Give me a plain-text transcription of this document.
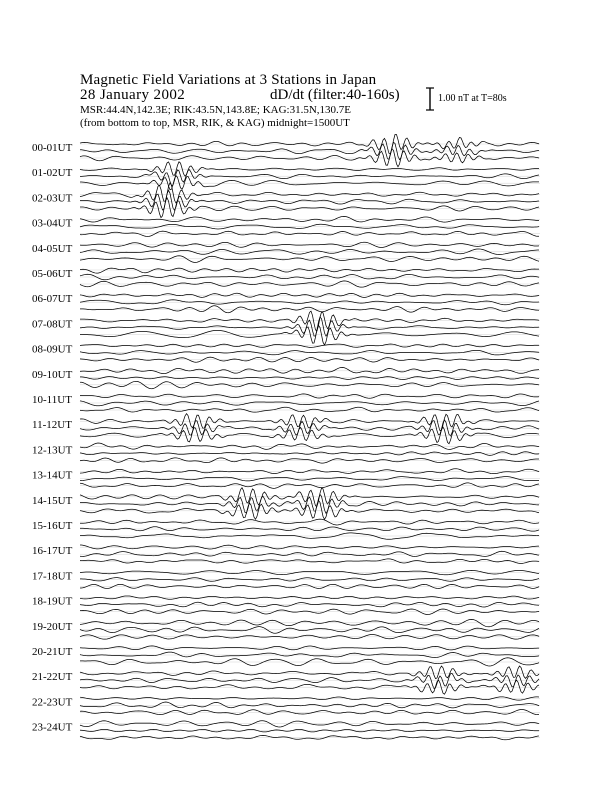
Magnetic Field Variations at 3 Stations in Japan
28 January 2002	dD/dt (filter:40-160s)
MSR:44.4N,142.3E; RIK:43.5N,143.8E; KAG:31.5N,130.7E
(from bottom to top, MSR, RIK, & KAG) midnight=1500UT
1.00 nT at T=80s
00-01UT
01-02UT
02-03UT
03-04UT
04-05UT
05-06UT
06-07UT
07-08UT
08-09UT
09-10UT
10-11UT
11-12UT
12-13UT
13-14UT
14-15UT
15-16UT
16-17UT
17-18UT
18-19UT
19-20UT
20-21UT
21-22UT
22-23UT
23-24UT
